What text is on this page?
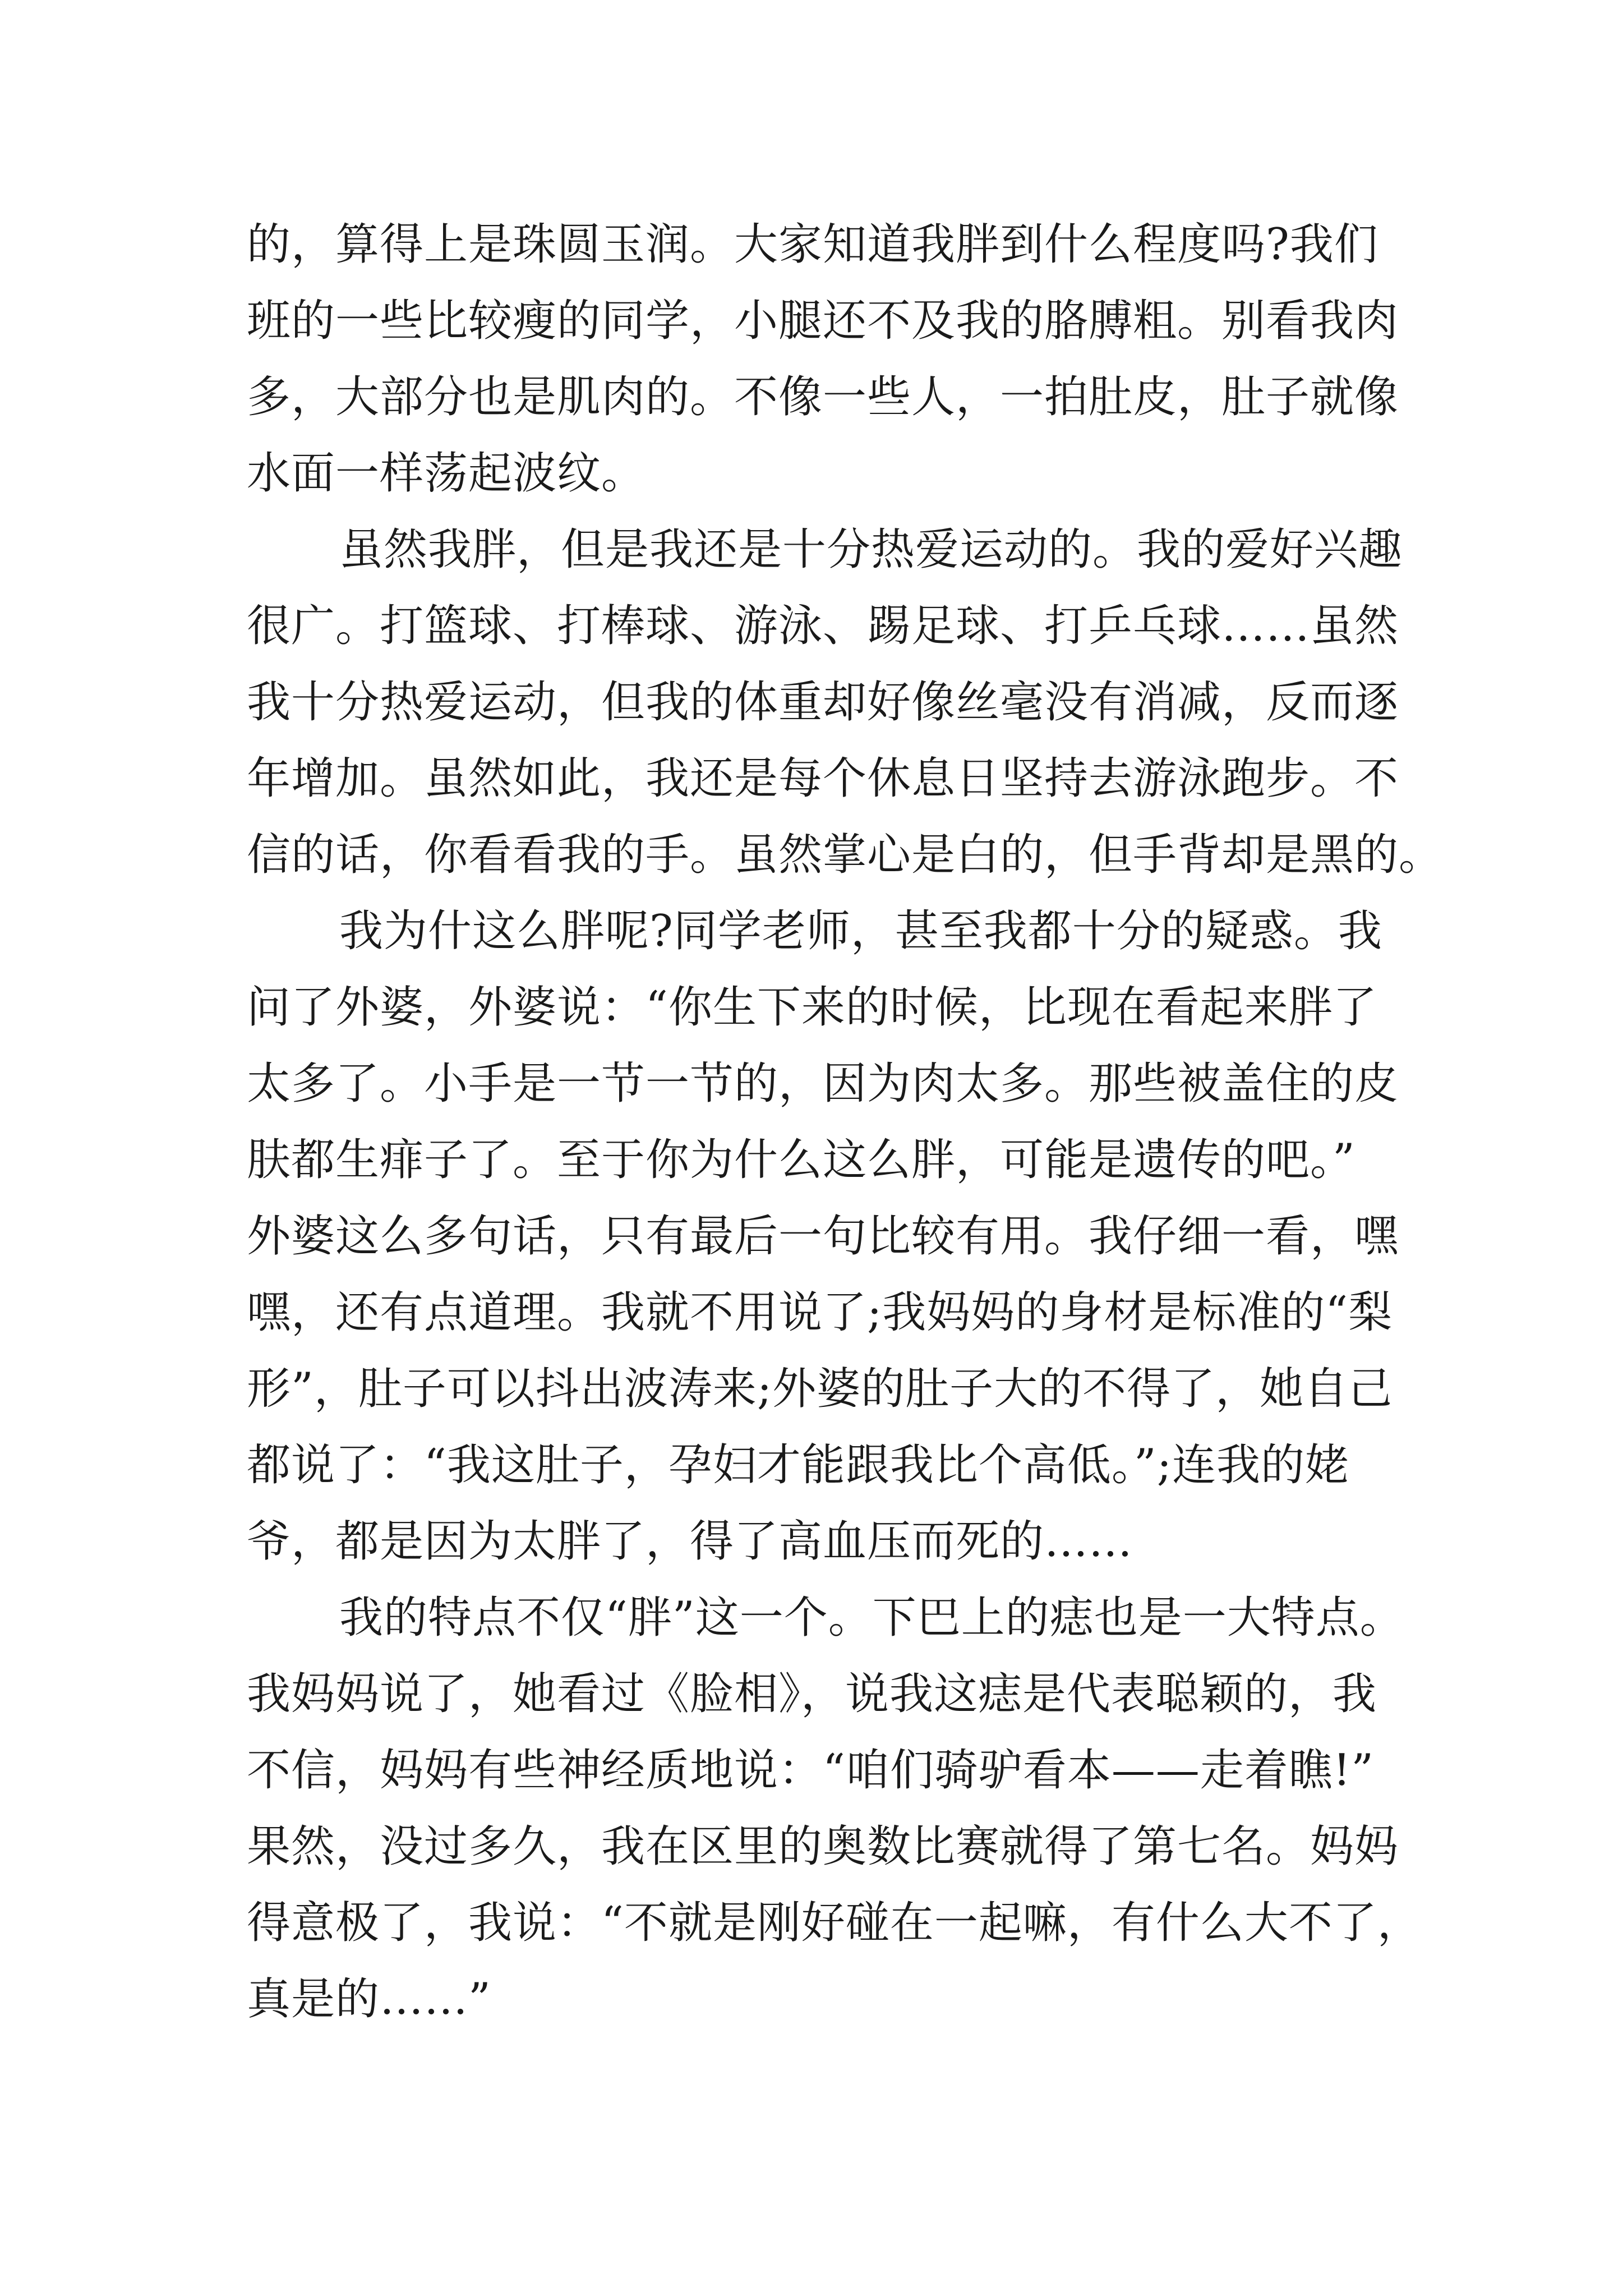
的，算得上是珠圆玉润。大家知道我胖到什么程度吗?我们
班的一些比较瘦的同学，小腿还不及我的胳膊粗。别看我肉
多，大部分也是肌肉的。不像一些人，一拍肚皮，肚子就像
水面一样荡起波纹。
虽然我胖，但是我还是十分热爱运动的。我的爱好兴趣
很广。打篮球、打棒球、游泳、踢足球、打乒乓球……虽然
我十分热爱运动，但我的体重却好像丝毫没有消减，反而逐
年增加。虽然如此，我还是每个休息日坚持去游泳跑步。不
信的话，你看看我的手。虽然掌心是白的，但手背却是黑的。
我为什这么胖呢?同学老师，甚至我都十分的疑惑。我
问了外婆，外婆说：“你生下来的时候，比现在看起来胖了
太多了。小手是一节一节的，因为肉太多。那些被盖住的皮
肤都生痱子了。至于你为什么这么胖，可能是遗传的吧。”
外婆这么多句话，只有最后一句比较有用。我仔细一看，嘿
嘿，还有点道理。我就不用说了;我妈妈的身材是标准的“梨
形”，肚子可以抖出波涛来;外婆的肚子大的不得了，她自己
都说了：“我这肚子，孕妇才能跟我比个高低。”;连我的姥
爷，都是因为太胖了，得了高血压而死的……
我的特点不仅“胖”这一个。下巴上的痣也是一大特点。
我妈妈说了，她看过《脸相》，说我这痣是代表聪颖的，我
不信，妈妈有些神经质地说：“咱们骑驴看本——走着瞧!”
果然，没过多久，我在区里的奥数比赛就得了第七名。妈妈
得意极了，我说：“不就是刚好碰在一起嘛，有什么大不了，
真是的……”
